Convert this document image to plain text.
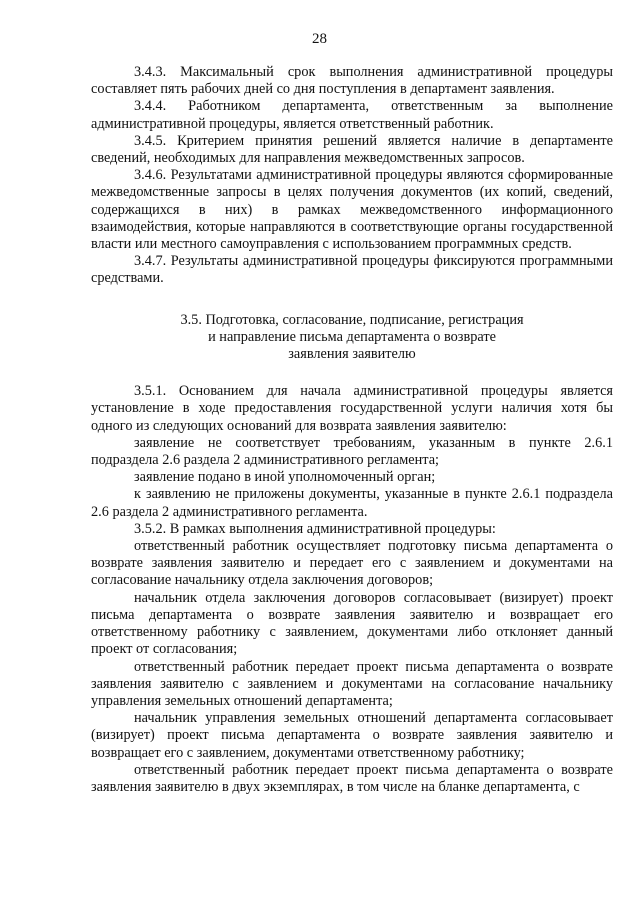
28

3.4.3. Максимальный срок выполнения административной процедуры составляет пять рабочих дней со дня поступления в департамент заявления.

3.4.4. Работником департамента, ответственным за выполнение административной процедуры, является ответственный работник.

3.4.5. Критерием принятия решений является наличие в департаменте сведений, необходимых для направления межведомственных запросов.

3.4.6. Результатами административной процедуры являются сформированные межведомственные запросы в целях получения документов (их копий, сведений, содержащихся в них) в рамках межведомственного информационного взаимодействия, которые направляются в соответствующие органы государственной власти или местного самоуправления с использованием программных средств.

3.4.7. Результаты административной процедуры фиксируются программными средствами.

3.5. Подготовка, согласование, подписание, регистрация
и направление письма департамента о возврате
заявления заявителю

3.5.1. Основанием для начала административной процедуры является установление в ходе предоставления государственной услуги наличия хотя бы одного из следующих оснований для возврата заявления заявителю:

заявление не соответствует требованиям, указанным в пункте 2.6.1 подраздела 2.6 раздела 2 административного регламента;

заявление подано в иной уполномоченный орган;

к заявлению не приложены документы, указанные в пункте 2.6.1 подраздела 2.6 раздела 2 административного регламента.

3.5.2. В рамках выполнения административной процедуры:

ответственный работник осуществляет подготовку письма департамента о возврате заявления заявителю и передает его с заявлением и документами на согласование начальнику отдела заключения договоров;

начальник отдела заключения договоров согласовывает (визирует) проект письма департамента о возврате заявления заявителю и возвращает его ответственному работнику с заявлением, документами либо отклоняет данный проект от согласования;

ответственный работник передает проект письма департамента о возврате заявления заявителю с заявлением и документами на согласование начальнику управления земельных отношений департамента;

начальник управления земельных отношений департамента согласовывает (визирует) проект письма департамента о возврате заявления заявителю и возвращает его с заявлением, документами ответственному работнику;

ответственный работник передает проект письма департамента о возврате заявления заявителю в двух экземплярах, в том числе на бланке департамента, с
